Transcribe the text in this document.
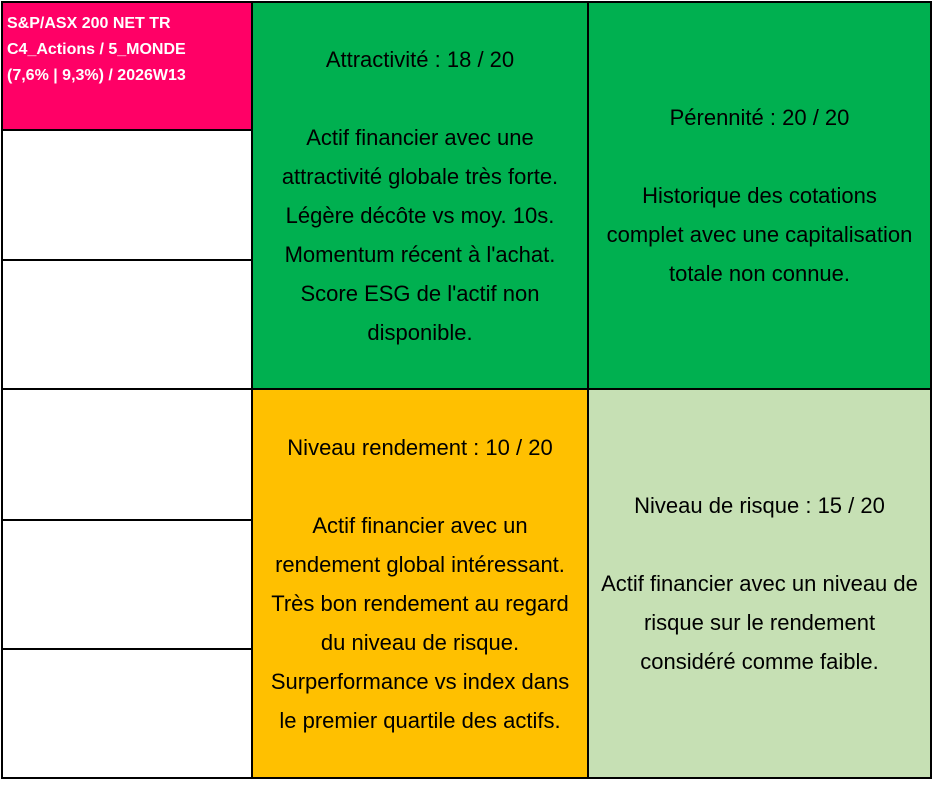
S&P/ASX 200 NET TR
C4_Actions / 5_MONDE
(7,6% | 9,3%) / 2026W13
Attractivité : 18 / 20
Actif financier avec une
attractivité globale très forte.
Légère décôte vs moy. 10s.
Momentum récent à l'achat.
Score ESG de l'actif non
disponible.
Pérennité : 20 / 20
Historique des cotations
complet avec une capitalisation
totale non connue.
Niveau rendement : 10 / 20
Actif financier avec un
rendement global intéressant.
Très bon rendement au regard
du niveau de risque.
Surperformance vs index dans
le premier quartile des actifs.
Niveau de risque : 15 / 20
Actif financier avec un niveau de
risque sur le rendement
considéré comme faible.
